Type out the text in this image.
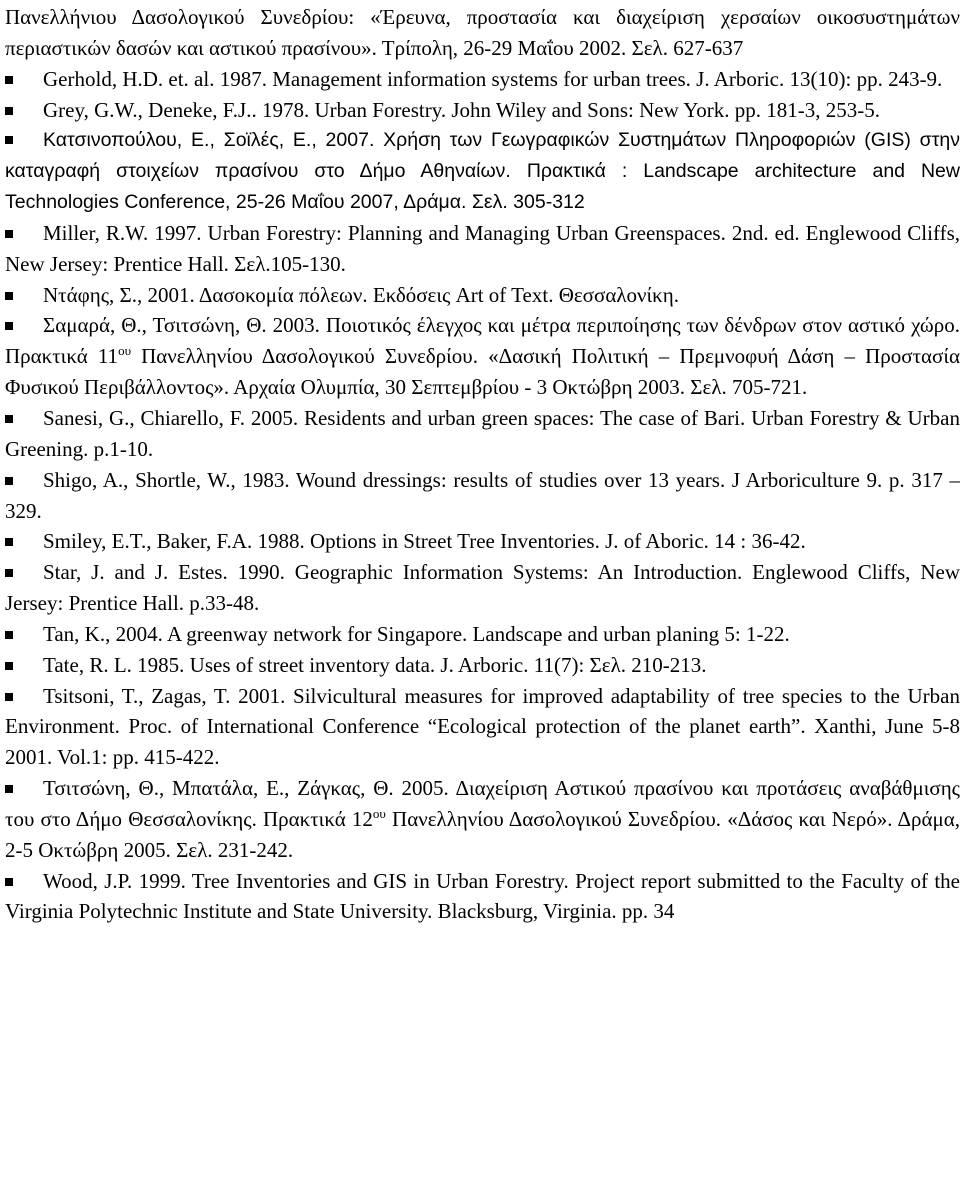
Πανελλήνιου Δασολογικού Συνεδρίου: «Έρευνα, προστασία και διαχείριση χερσαίων οικοσυστημάτων περιαστικών δασών και αστικού πρασίνου». Τρίπολη, 26-29 Μαΐου 2002. Σελ. 627-637

Gerhold, H.D. et. al. 1987. Management information systems for urban trees. J. Arboric. 13(10): pp. 243-9.

Grey, G.W., Deneke, F.J.. 1978. Urban Forestry. John Wiley and Sons: New York. pp. 181-3, 253-5.

Κατσινοπούλου, Ε., Σοϊλές, Ε., 2007. Χρήση των Γεωγραφικών Συστημάτων Πληροφοριών (GIS) στην καταγραφή στοιχείων πρασίνου στο Δήμο Αθηναίων. Πρακτικά : Landscape architecture and New Technologies Conference, 25-26 Μαΐου 2007, Δράμα. Σελ. 305-312

Miller, R.W. 1997. Urban Forestry: Planning and Managing Urban Greenspaces. 2nd. ed. Englewood Cliffs, New Jersey: Prentice Hall. Σελ.105-130.

Ντάφης, Σ., 2001. Δασοκομία πόλεων. Εκδόσεις Art of Text. Θεσσαλονίκη.

Σαμαρά, Θ., Τσιτσώνη, Θ. 2003. Ποιοτικός έλεγχος και μέτρα περιποίησης των δένδρων στον αστικό χώρο. Πρακτικά $11^{o\upsilon}$ Πανελληνίου Δασολογικού Συνεδρίου. «Δασική Πολιτική – Πρεμνοφυή Δάση – Προστασία Φυσικού Περιβάλλοντος». Αρχαία Ολυμπία, 30 Σεπτεμβρίου - 3 Οκτώβρη 2003. Σελ. 705-721.

Sanesi, G., Chiarello, F. 2005. Residents and urban green spaces: The case of Bari. Urban Forestry & Urban Greening. p.1-10.

Shigo, A., Shortle, W., 1983. Wound dressings: results of studies over 13 years. J Arboriculture 9. p. 317 – 329.

Smiley, E.T., Baker, F.A. 1988. Options in Street Tree Inventories. J. of Aboric. 14 : 36-42.

Star, J. and J. Estes. 1990. Geographic Information Systems: An Introduction. Englewood Cliffs, New Jersey: Prentice Hall. p.33-48.

Tan, K., 2004. A greenway network for Singapore. Landscape and urban planing 5: 1-22.

Tate, R. L. 1985. Uses of street inventory data. J. Arboric. 11(7): Σελ. 210-213.

Tsitsoni, T., Zagas, T. 2001. Silvicultural measures for improved adaptability of tree species to the Urban Environment. Proc. of International Conference “Ecological protection of the planet earth”. Xanthi, June 5-8 2001. Vol.1: pp. 415-422.

Τσιτσώνη, Θ., Μπατάλα, Ε., Ζάγκας, Θ. 2005. Διαχείριση Αστικού πρασίνου και προτάσεις αναβάθμισης του στο Δήμο Θεσσαλονίκης. Πρακτικά $12^{o\upsilon}$ Πανελληνίου Δασολογικού Συνεδρίου. «Δάσος και Νερό». Δράμα, 2-5 Οκτώβρη 2005. Σελ. 231-242.

Wood, J.P. 1999. Tree Inventories and GIS in Urban Forestry. Project report submitted to the Faculty of the Virginia Polytechnic Institute and State University. Blacksburg, Virginia. pp. 34
